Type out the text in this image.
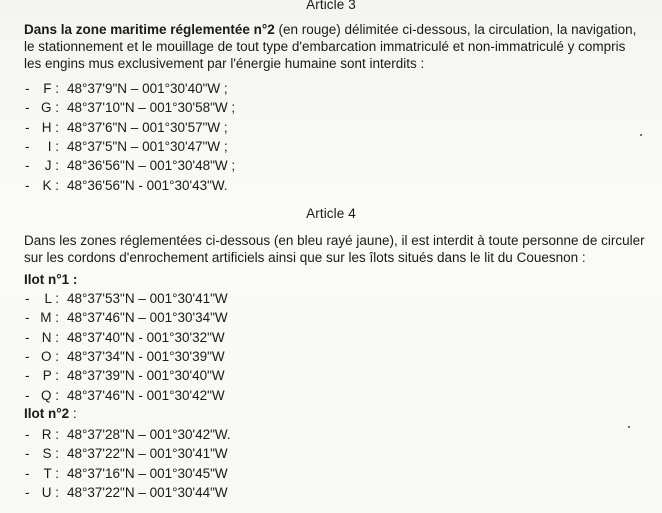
Article 3
Dans la zone maritime réglementée n°2 (en rouge) délimitée ci-dessous, la circulation, la navigation,
le stationnement et le mouillage de tout type d'embarcation immatriculé et non-immatriculé y compris
les engins mus exclusivement par l'énergie humaine sont interdits :
- F : 48°37'9"N – 001°30'40"W ;
- G : 48°37'10"N – 001°30'58"W ;
- H : 48°37'6"N – 001°30'57"W ;
- I : 48°37'5"N – 001°30'47"W ;
- J : 48°36'56"N – 001°30'48"W ;
- K : 48°36'56"N - 001°30'43"W.
Article 4
Dans les zones réglementées ci-dessous (en bleu rayé jaune), il est interdit à toute personne de circuler
sur les cordons d'enrochement artificiels ainsi que sur les îlots situés dans le lit du Couesnon :
Ilot n°1 :
- L : 48°37'53"N – 001°30'41"W
- M : 48°37'46"N – 001°30'34"W
- N : 48°37'40"N - 001°30'32"W
- O : 48°37'34"N - 001°30'39"W
- P : 48°37'39"N - 001°30'40"W
- Q : 48°37'46"N - 001°30'42"W
Ilot n°2 :
- R : 48°37'28"N – 001°30'42"W.
- S : 48°37'22"N – 001°30'41"W
- T : 48°37'16"N – 001°30'45"W
- U : 48°37'22"N – 001°30'44"W
